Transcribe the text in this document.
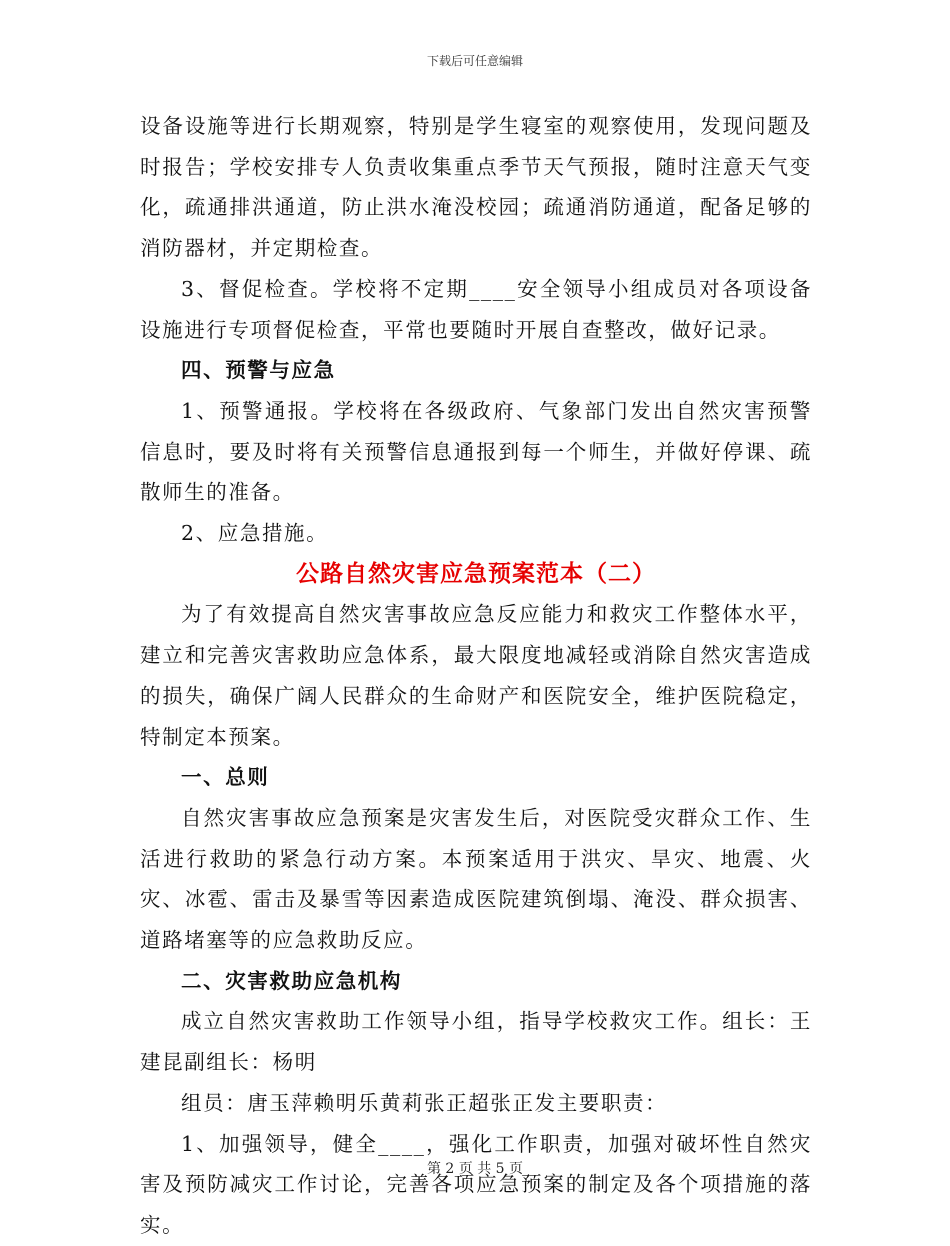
下载后可任意编辑

设备设施等进行长期观察，特别是学生寝室的观察使用，发现问题及时报告；学校安排专人负责收集重点季节天气预报，随时注意天气变化，疏通排洪通道，防止洪水淹没校园；疏通消防通道，配备足够的消防器材，并定期检查。

3、督促检查。学校将不定期____安全领导小组成员对各项设备设施进行专项督促检查，平常也要随时开展自查整改，做好记录。

四、预警与应急

1、预警通报。学校将在各级政府、气象部门发出自然灾害预警信息时，要及时将有关预警信息通报到每一个师生，并做好停课、疏散师生的准备。

2、应急措施。

公路自然灾害应急预案范本（二）

为了有效提高自然灾害事故应急反应能力和救灾工作整体水平，建立和完善灾害救助应急体系，最大限度地减轻或消除自然灾害造成的损失，确保广阔人民群众的生命财产和医院安全，维护医院稳定，特制定本预案。

一、总则

自然灾害事故应急预案是灾害发生后，对医院受灾群众工作、生活进行救助的紧急行动方案。本预案适用于洪灾、旱灾、地震、火灾、冰雹、雷击及暴雪等因素造成医院建筑倒塌、淹没、群众损害、道路堵塞等的应急救助反应。

二、灾害救助应急机构

成立自然灾害救助工作领导小组，指导学校救灾工作。组长：王建昆副组长：杨明

组员：唐玉萍赖明乐黄莉张正超张正发主要职责：

1、加强领导，健全____，强化工作职责，加强对破坏性自然灾害及预防减灾工作讨论，完善各项应急预案的制定及各个项措施的落实。

第 2 页 共 5 页
